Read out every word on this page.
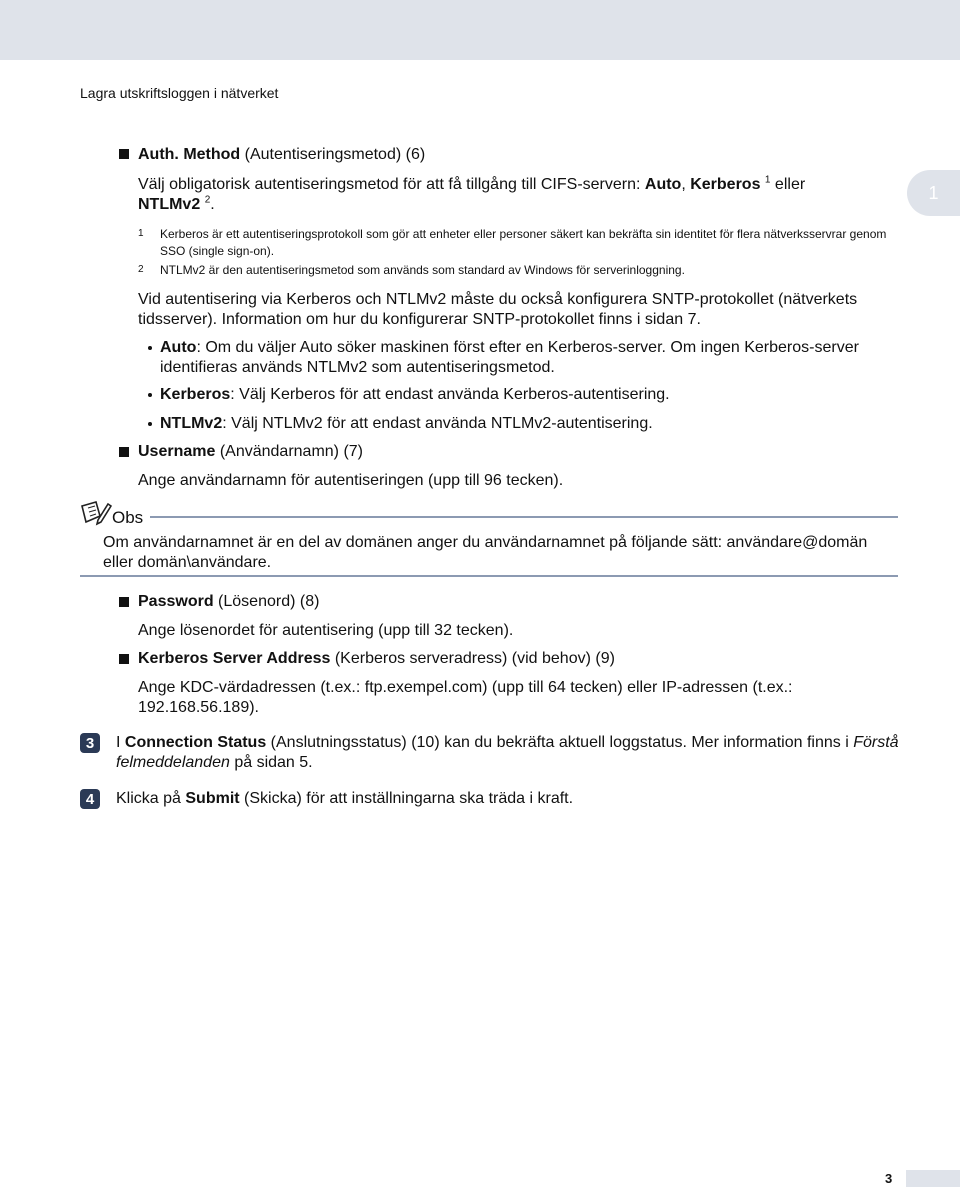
Lagra utskriftsloggen i nätverket
1
Auth. Method (Autentiseringsmetod) (6)
Välj obligatorisk autentiseringsmetod för att få tillgång till CIFS-servern: Auto, Kerberos $^1$ eller
NTLMv2 $^2$.
1 Kerberos är ett autentiseringsprotokoll som gör att enheter eller personer säkert kan bekräfta sin identitet för flera nätverksservrar genom SSO (single sign-on).
2 NTLMv2 är den autentiseringsmetod som används som standard av Windows för serverinloggning.
Vid autentisering via Kerberos och NTLMv2 måste du också konfigurera SNTP-protokollet (nätverkets tidsserver). Information om hur du konfigurerar SNTP-protokollet finns i sidan 7.
Auto: Om du väljer Auto söker maskinen först efter en Kerberos-server. Om ingen Kerberos-server identifieras används NTLMv2 som autentiseringsmetod.
Kerberos: Välj Kerberos för att endast använda Kerberos-autentisering.
NTLMv2: Välj NTLMv2 för att endast använda NTLMv2-autentisering.
Username (Användarnamn) (7)
Ange användarnamn för autentiseringen (upp till 96 tecken).
Obs
Om användarnamnet är en del av domänen anger du användarnamnet på följande sätt: användare@domän eller domän\användare.
Password (Lösenord) (8)
Ange lösenordet för autentisering (upp till 32 tecken).
Kerberos Server Address (Kerberos serveradress) (vid behov) (9)
Ange KDC-värdadressen (t.ex.: ftp.exempel.com) (upp till 64 tecken) eller IP-adressen (t.ex.: 192.168.56.189).
3	I Connection Status (Anslutningsstatus) (10) kan du bekräfta aktuell loggstatus. Mer information finns i Förstå felmeddelanden på sidan 5.
4	Klicka på Submit (Skicka) för att inställningarna ska träda i kraft.
3
